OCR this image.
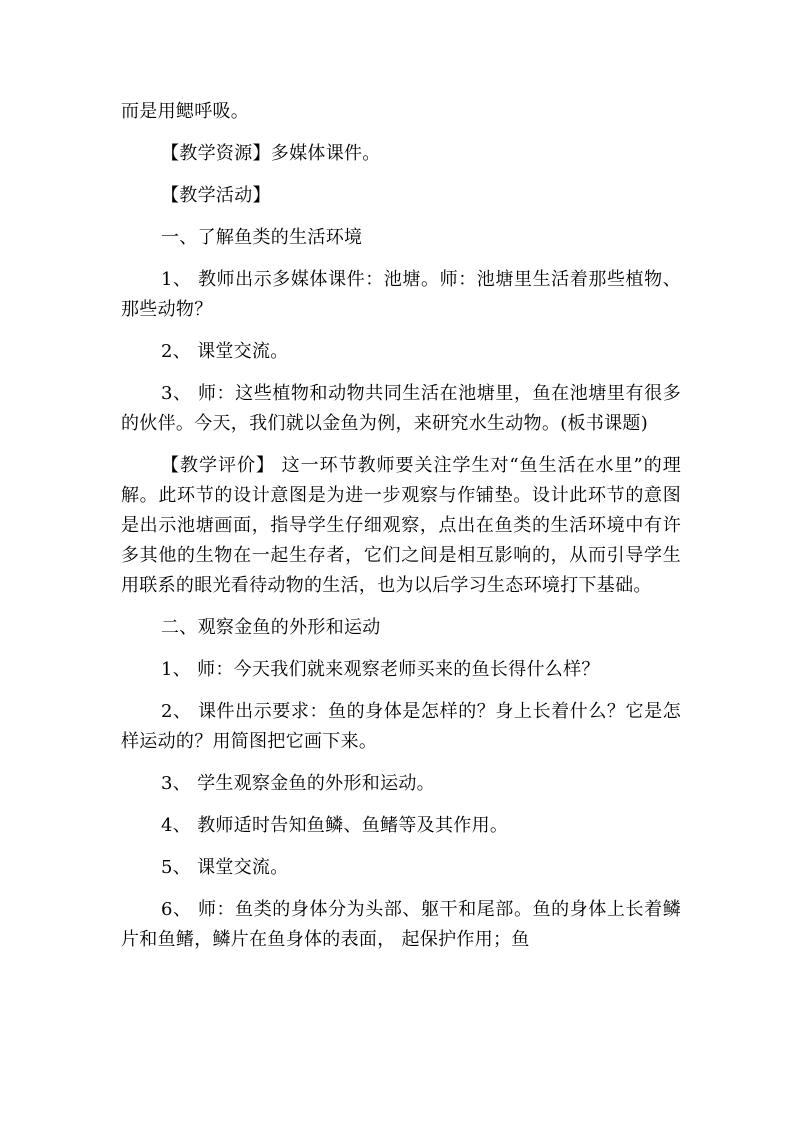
而是用鳃呼吸。

【教学资源】多媒体课件。

【教学活动】

一、了解鱼类的生活环境

1、 教师出示多媒体课件：池塘。师：池塘里生活着那些植物、那些动物？

2、 课堂交流。

3、 师：这些植物和动物共同生活在池塘里，鱼在池塘里有很多的伙伴。今天，我们就以金鱼为例，来研究水生动物。(板书课题)

【教学评价】 这一环节教师要关注学生对“鱼生活在水里”的理解。此环节的设计意图是为进一步观察与作铺垫。设计此环节的意图是出示池塘画面，指导学生仔细观察，点出在鱼类的生活环境中有许多其他的生物在一起生存者，它们之间是相互影响的，从而引导学生用联系的眼光看待动物的生活，也为以后学习生态环境打下基础。

二、观察金鱼的外形和运动

1、 师：今天我们就来观察老师买来的鱼长得什么样？

2、 课件出示要求：鱼的身体是怎样的？身上长着什么？它是怎样运动的？用简图把它画下来。

3、 学生观察金鱼的外形和运动。

4、 教师适时告知鱼鳞、鱼鳍等及其作用。

5、 课堂交流。

6、 师：鱼类的身体分为头部、躯干和尾部。鱼的身体上长着鳞片和鱼鳍，鳞片在鱼身体的表面， 起保护作用；鱼
